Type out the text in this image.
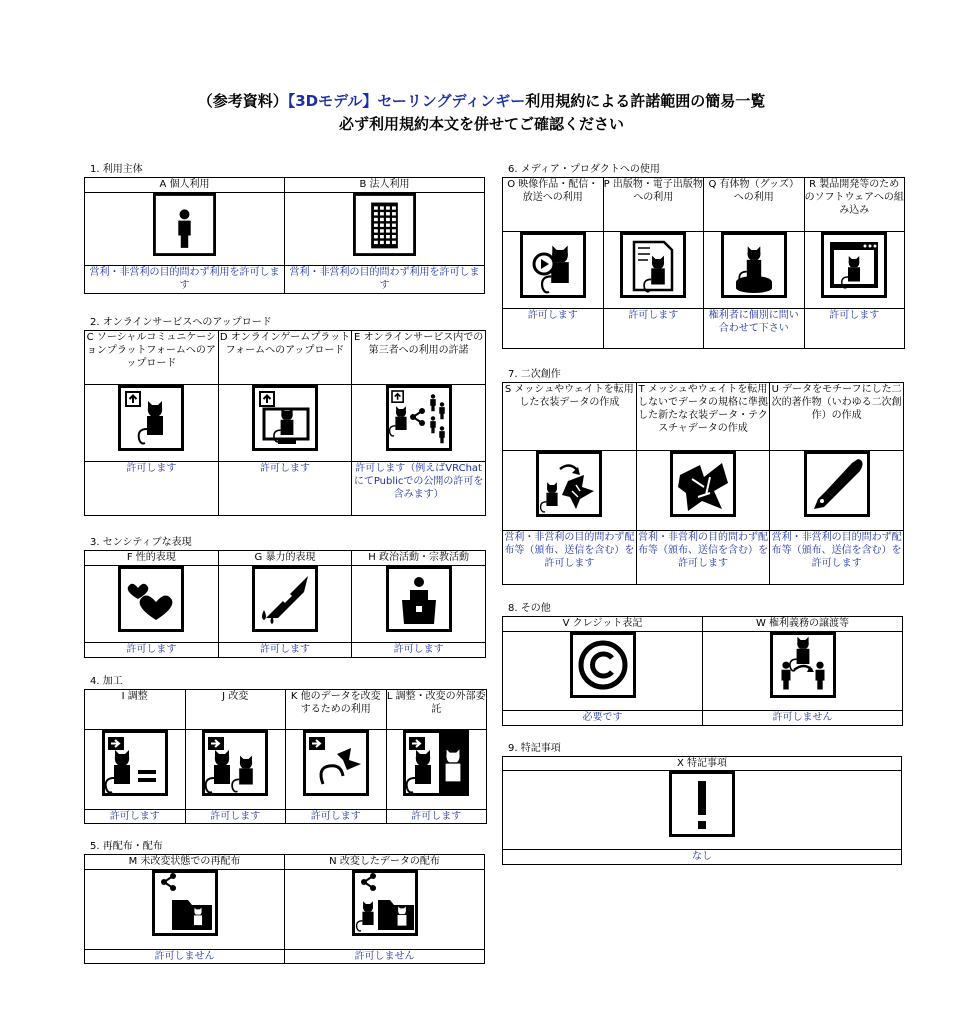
（参考資料）【3Dモデル】セーリングディンギー利用規約による許諾範囲の簡易一覧
必ず利用規約本文を併せてご確認ください
1. 利用主体
A 個人利用	B 法人利用

営利・非営利の目的問わず利用を許可します	営利・非営利の目的問わず利用を許可します
2. オンラインサービスへのアップロード
C ソーシャルコミュニケーションプラットフォームへのアップロード	D オンラインゲームプラットフォームへのアップロード	E オンラインサービス内での第三者への利用の許諾

許可します	許可します	許可します（例えばVRChatにてPublicでの公開の許可を含みます）
3. センシティブな表現
F 性的表現	G 暴力的表現	H 政治活動・宗教活動

許可します	許可します	許可します
4. 加工
I 調整	J 改変	K 他のデータを改変するための利用	L 調整・改変の外部委託

許可します	許可します	許可します	許可します
5. 再配布・配布
M 未改変状態での再配布	N 改変したデータの配布

許可しません	許可しません
6. メディア・プロダクトへの使用
O 映像作品・配信・放送への利用	P 出版物・電子出版物への利用	Q 有体物（グッズ）への利用	R 製品開発等のためのソフトウェアへの組み込み

許可します	許可します	権利者に個別に問い合わせて下さい	許可します
7. 二次創作
S メッシュやウェイトを転用した衣装データの作成	T メッシュやウェイトを転用しないでデータの規格に準拠した新たな衣装データ・テクスチャデータの作成	U データをモチーフにした二次的著作物（いわゆる二次創作）の作成

営利・非営利の目的問わず配布等（頒布、送信を含む）を許可します	営利・非営利の目的問わず配布等（頒布、送信を含む）を許可します	営利・非営利の目的問わず配布等（頒布、送信を含む）を許可します
8. その他
V クレジット表記	W 権利義務の譲渡等

必要です	許可しません
9. 特記事項
X 特記事項

なし
